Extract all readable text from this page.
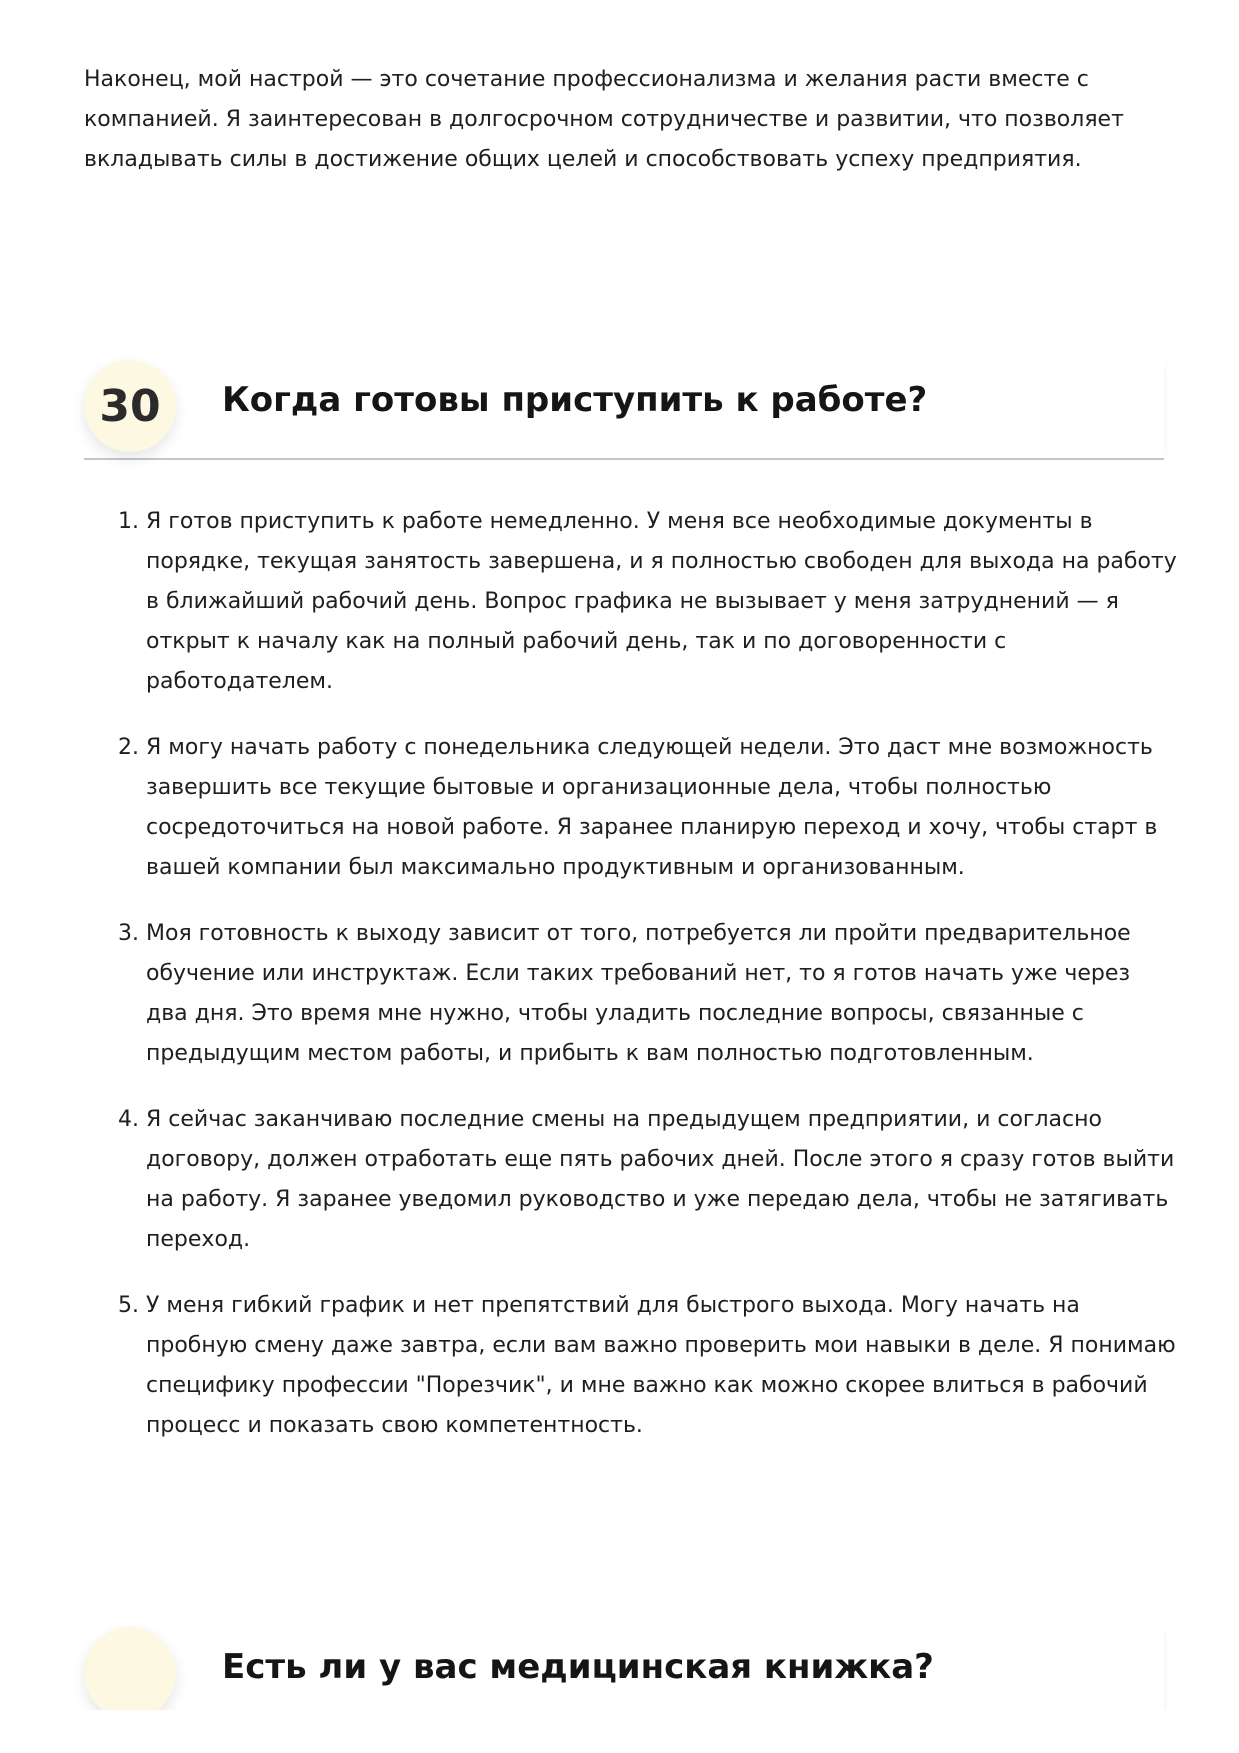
Наконец, мой настрой — это сочетание профессионализма и желания расти вместе с компанией. Я заинтересован в долгосрочном сотрудничестве и развитии, что позволяет вкладывать силы в достижение общих целей и способствовать успеху предприятия.

30	Когда готовы приступить к работе?
1. Я готов приступить к работе немедленно. У меня все необходимые документы в порядке, текущая занятость завершена, и я полностью свободен для выхода на работу в ближайший рабочий день. Вопрос графика не вызывает у меня затруднений — я открыт к началу как на полный рабочий день, так и по договоренности с работодателем.
2. Я могу начать работу с понедельника следующей недели. Это даст мне возможность завершить все текущие бытовые и организационные дела, чтобы полностью сосредоточиться на новой работе. Я заранее планирую переход и хочу, чтобы старт в вашей компании был максимально продуктивным и организованным.
3. Моя готовность к выходу зависит от того, потребуется ли пройти предварительное обучение или инструктаж. Если таких требований нет, то я готов начать уже через два дня. Это время мне нужно, чтобы уладить последние вопросы, связанные с предыдущим местом работы, и прибыть к вам полностью подготовленным.
4. Я сейчас заканчиваю последние смены на предыдущем предприятии, и согласно договору, должен отработать еще пять рабочих дней. После этого я сразу готов выйти на работу. Я заранее уведомил руководство и уже передаю дела, чтобы не затягивать переход.
5. У меня гибкий график и нет препятствий для быстрого выхода. Могу начать на пробную смену даже завтра, если вам важно проверить мои навыки в деле. Я понимаю специфику профессии "Порезчик", и мне важно как можно скорее влиться в рабочий процесс и показать свою компетентность.
Есть ли у вас медицинская книжка?
